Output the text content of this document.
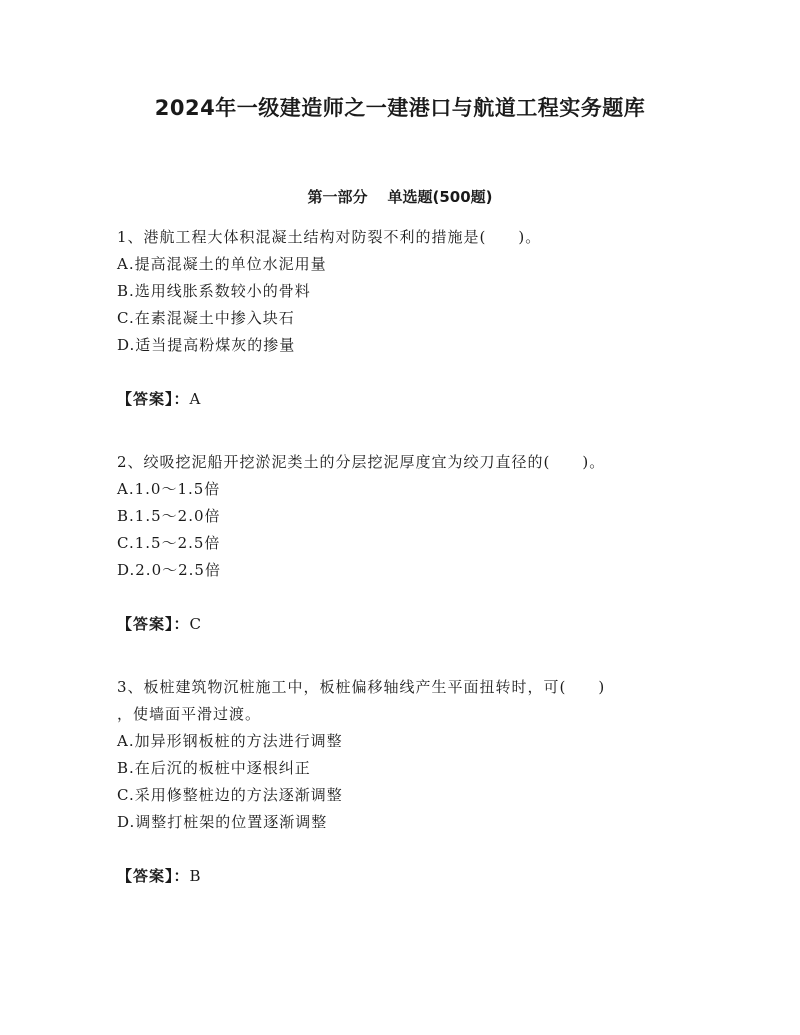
2024年一级建造师之一建港口与航道工程实务题库
第一部分 单选题(500题)
1、港航工程大体积混凝土结构对防裂不利的措施是(　　)。
A.提高混凝土的单位水泥用量
B.选用线胀系数较小的骨料
C.在素混凝土中掺入块石
D.适当提高粉煤灰的掺量
【答案】：A
2、绞吸挖泥船开挖淤泥类土的分层挖泥厚度宜为绞刀直径的(　　)。
A.1.0～1.5倍
B.1.5～2.0倍
C.1.5～2.5倍
D.2.0～2.5倍
【答案】：C
3、板桩建筑物沉桩施工中，板桩偏移轴线产生平面扭转时，可(　　)
，使墙面平滑过渡。
A.加异形钢板桩的方法进行调整
B.在后沉的板桩中逐根纠正
C.采用修整桩边的方法逐渐调整
D.调整打桩架的位置逐渐调整
【答案】：B
